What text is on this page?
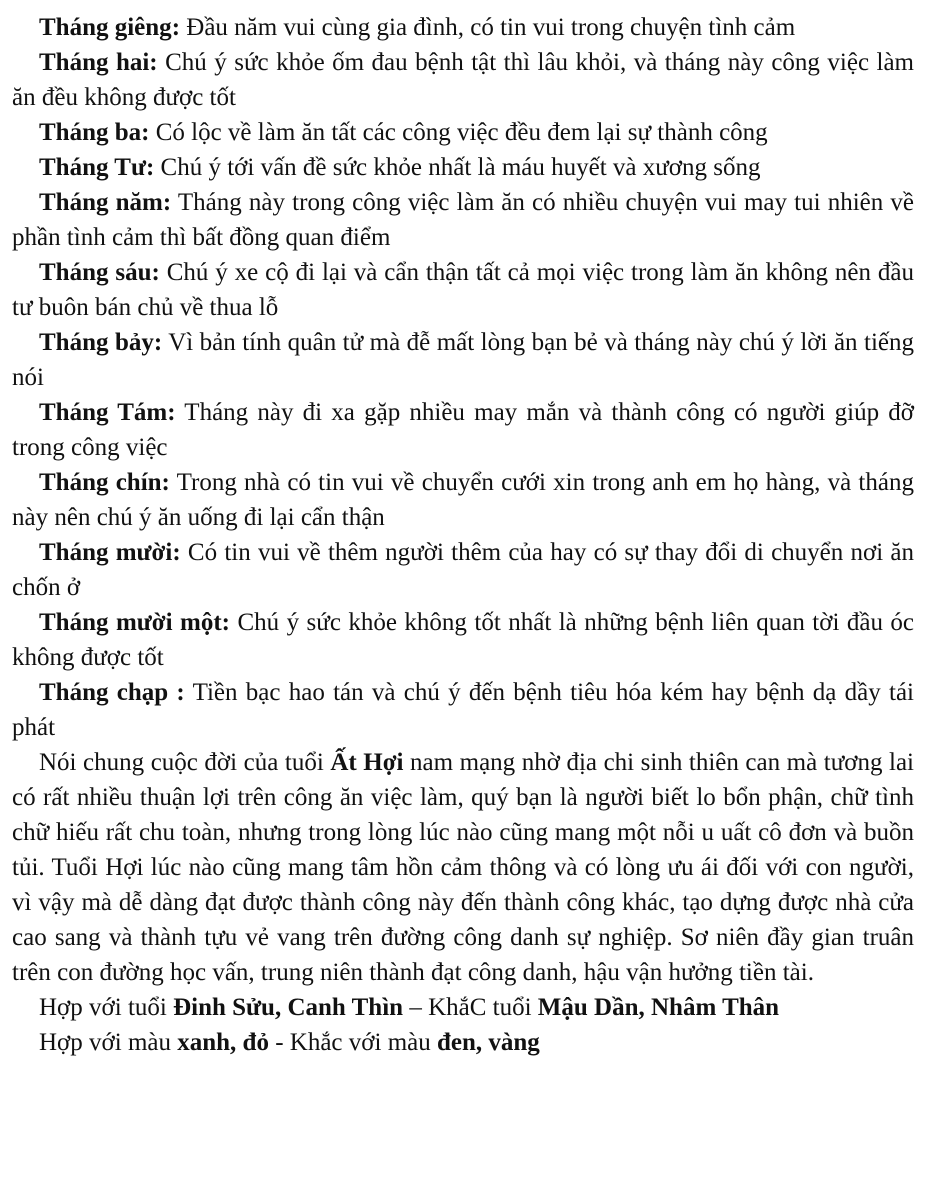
Tháng giêng: Đầu năm vui cùng gia đình, có tin vui trong chuyện tình cảm

Tháng hai: Chú ý sức khỏe ốm đau bệnh tật thì lâu khỏi, và tháng này công việc làm ăn đều không được tốt

Tháng ba: Có lộc về làm ăn tất các công việc đều đem lại sự thành công

Tháng Tư: Chú ý tới vấn đề sức khỏe nhất là máu huyết và xương sống

Tháng năm: Tháng này trong công việc làm ăn có nhiều chuyện vui may tui nhiên về phần tình cảm thì bất đồng quan điểm

Tháng sáu: Chú ý xe cộ đi lại và cẩn thận tất cả mọi việc trong làm ăn không nên đầu tư buôn bán chủ về thua lỗ

Tháng bảy: Vì bản tính quân tử mà đễ mất lòng bạn bẻ và tháng này chú ý lời ăn tiếng nói

Tháng Tám: Tháng này đi xa gặp nhiều may mắn và thành công có người giúp đỡ trong công việc

Tháng chín: Trong nhà có tin vui về chuyển cưới xin trong anh em họ hàng, và tháng này nên chú ý ăn uống đi lại cẩn thận

Tháng mười: Có tin vui về thêm người thêm của hay có sự thay đổi di chuyển nơi ăn chốn ở

Tháng mười một: Chú ý sức khỏe không tốt nhất là những bệnh liên quan tời đầu óc không được tốt

Tháng chạp : Tiền bạc hao tán và chú ý đến bệnh tiêu hóa kém hay bệnh dạ dầy tái phát

Nói chung cuộc đời của tuổi Ất Hợi nam mạng nhờ địa chi sinh thiên can mà tương lai có rất nhiều thuận lợi trên công ăn việc làm, quý bạn là người biết lo bổn phận, chữ tình chữ hiếu rất chu toàn, nhưng trong lòng lúc nào cũng mang một nỗi u uất cô đơn và buồn tủi. Tuổi Hợi lúc nào cũng mang tâm hồn cảm thông và có lòng ưu ái đối với con người, vì vậy mà dễ dàng đạt được thành công này đến thành công khác, tạo dựng được nhà cửa cao sang và thành tựu vẻ vang trên đường công danh sự nghiệp. Sơ niên đầy gian truân trên con đường học vấn, trung niên thành đạt công danh, hậu vận hưởng tiền tài.

Hợp với tuổi Đinh Sửu, Canh Thìn – KhắC tuổi Mậu Dần, Nhâm Thân

Hợp với màu xanh, đỏ - Khắc với màu đen, vàng
